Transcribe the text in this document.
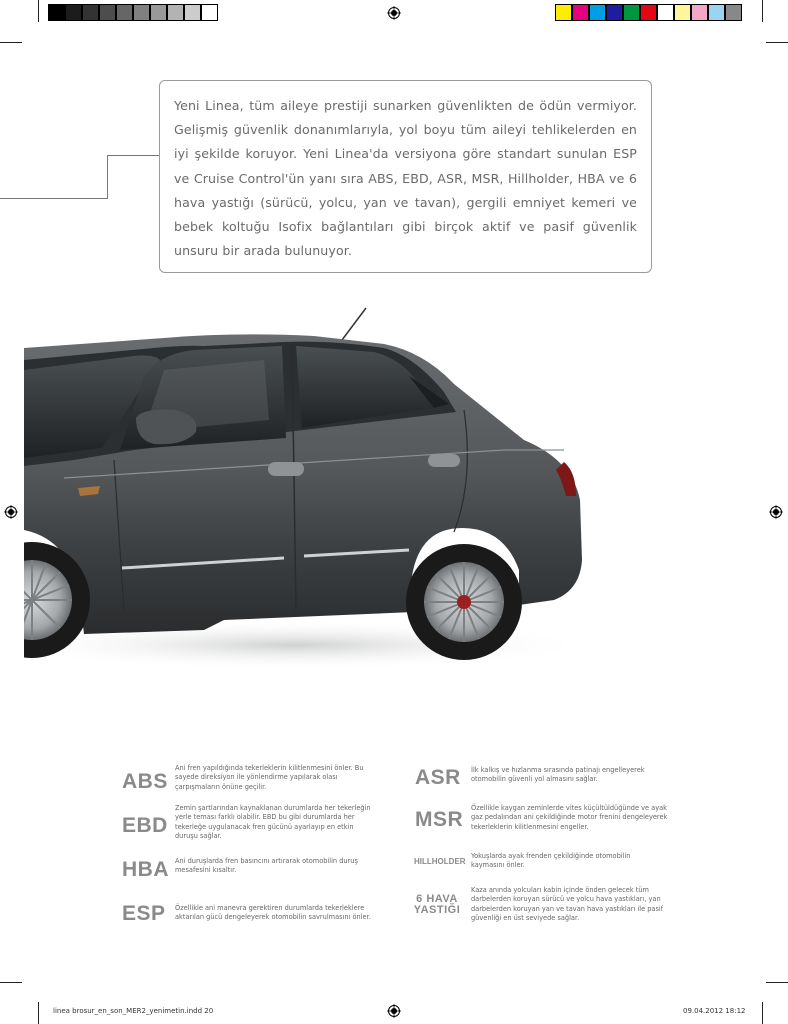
Yeni Linea, tüm aileye prestiji sunarken güvenlikten de ödün vermiyor. Gelişmiş güvenlik donanımlarıyla, yol boyu tüm aileyi tehlikelerden en iyi şekilde koruyor. Yeni Linea'da versiyona göre standart sunulan ESP ve Cruise Control'ün yanı sıra ABS, EBD, ASR, MSR, Hillholder, HBA ve 6 hava yastığı (sürücü, yolcu, yan ve tavan), gergili emniyet kemeri ve bebek koltuğu Isofix bağlantıları gibi birçok aktif ve pasif güvenlik unsuru bir arada bulunuyor.

ABS
Ani fren yapıldığında tekerleklerin kilitlenmesini önler. Bu sayede direksiyon ile yönlendirme yapılarak olası çarpışmaların önüne geçilir.
EBD
Zemin şartlarından kaynaklanan durumlarda her tekerleğin yerle teması farklı olabilir. EBD bu gibi durumlarda her tekerleğe uygulanacak fren gücünü ayarlayıp en etkin duruşu sağlar.
HBA Ani duruşlarda fren basıncını artırarak otomobilin duruş mesafesini kısaltır.
ESP Özellikle ani manevra gerektiren durumlarda tekerleklere aktarılan gücü dengeleyerek otomobilin savrulmasını önler.
ASR İlk kalkış ve hızlanma sırasında patinajı engelleyerek otomobilin güvenli yol almasını sağlar.
MSR Özellikle kaygan zeminlerde vites küçültüldüğünde ve ayak gaz pedalından ani çekildiğinde motor frenini dengeleyerek tekerleklerin kilitlenmesini engeller.
HILLHOLDER
Yokuşlarda ayak frenden çekildiğinde otomobilin kaymasını önler.
6 HAVA YASTIĞI
Kaza anında yolcuları kabin içinde önden gelecek tüm darbelerden koruyan sürücü ve yolcu hava yastıkları, yan darbelerden koruyan yan ve tavan hava yastıkları ile pasif güvenliği en üst seviyede sağlar.
linea brosur_en_son_MER2_yenimetin.indd 20	09.04.2012 18:12
